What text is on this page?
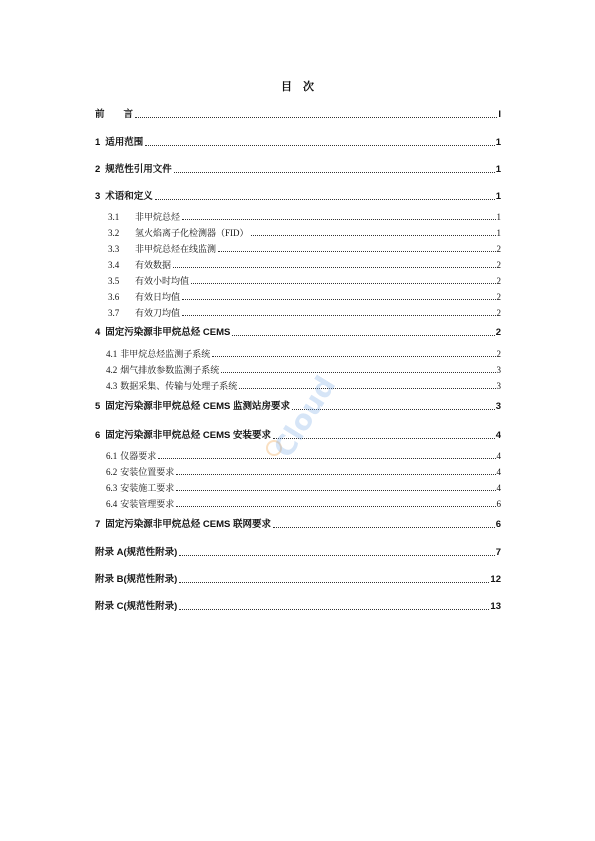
目　次
前　　言	I
1 适用范围	1
2 规范性引用文件	1
3 术语和定义	1
3.1	非甲烷总烃	1
3.2	氢火焰离子化检测器（FID）	1
3.3	非甲烷总烃在线监测	2
3.4	有效数据	2
3.5	有效小时均值	2
3.6	有效日均值	2
3.7	有效刀均值	2
4 固定污染源非甲烷总烃 CEMS	2
4.1 非甲烷总烃监测子系统	2
4.2 烟气排放参数监测子系统	3
4.3 数据采集、传输与处理子系统	3
5 固定污染源非甲烷总烃 CEMS 监测站房要求	3
6 固定污染源非甲烷总烃 CEMS 安装要求	4
6.1 仪器要求	4
6.2 安装位置要求	4
6.3 安装施工要求	4
6.4 安装管理要求	6
7 固定污染源非甲烷总烃 CEMS 联网要求	6
附录 A(规范性附录)	7
附录 B(规范性附录)	12
附录 C(规范性附录)	13
Cloud
